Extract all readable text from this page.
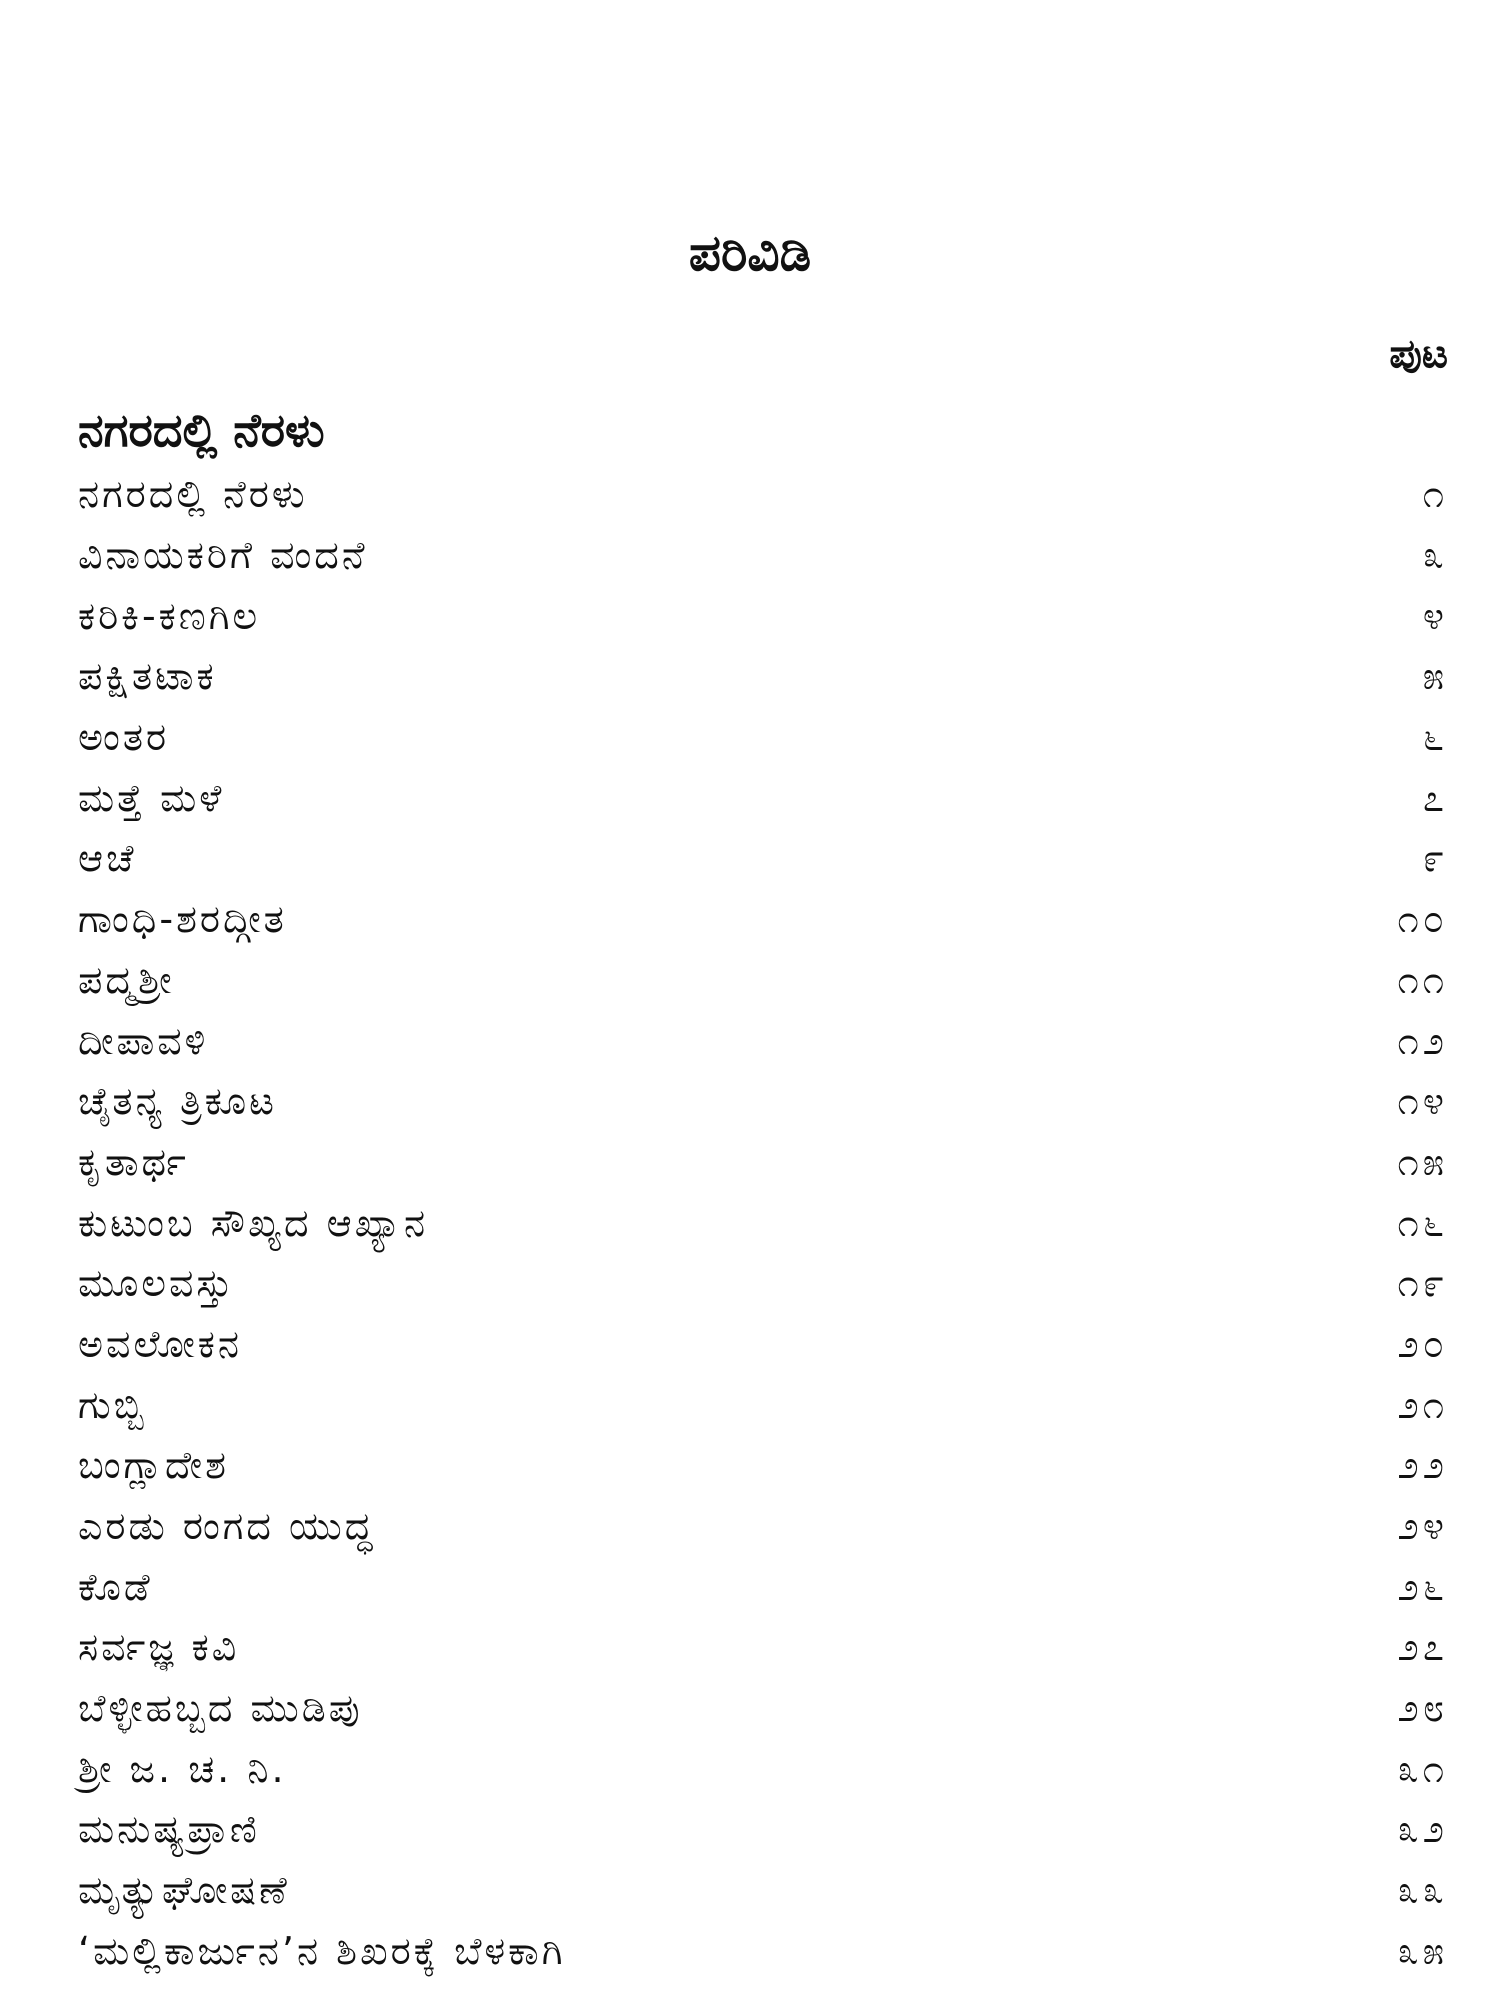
ಪರಿವಿಡಿ
ಪುಟ
ನಗರದಲ್ಲಿ ನೆರಳು
ನಗರದಲ್ಲಿ ನೆರಳು	೧
ವಿನಾಯಕರಿಗೆ ವಂದನೆ	೩
ಕರಿಕಿ-ಕಣಗಿಲ	೪
ಪಕ್ಷಿತಟಾಕ	೫
ಅಂತರ	೬
ಮತ್ತೆ ಮಳೆ	೭
ಆಚೆ	೯
ಗಾಂಧಿ-ಶರದ್ಗೀತ	೧೦
ಪದ್ಮಶ್ರೀ	೧೧
ದೀಪಾವಳಿ	೧೨
ಚೈತನ್ಯ ತ್ರಿಕೂಟ	೧೪
ಕೃತಾರ್ಥ	೧೫
ಕುಟುಂಬ ಸೌಖ್ಯದ ಆಖ್ಯಾನ	೧೬
ಮೂಲವಸ್ತು	೧೯
ಅವಲೋಕನ	೨೦
ಗುಬ್ಬಿ	೨೧
ಬಂಗ್ಲಾದೇಶ	೨೨
ಎರಡು ರಂಗದ ಯುದ್ಧ	೨೪
ಕೊಡೆ	೨೬
ಸರ್ವಜ್ಞ ಕವಿ	೨೭
ಬೆಳ್ಳೀಹಬ್ಬದ ಮುಡಿಪು	೨೮
ಶ್ರೀ ಜ. ಚ. ನಿ.	೩೧
ಮನುಷ್ಯಪ್ರಾಣಿ	೩೨
ಮೃತ್ಯುಘೋಷಣೆ	೩೩
‘ಮಲ್ಲಿಕಾರ್ಜುನ’ನ ಶಿಖರಕ್ಕೆ ಬೆಳಕಾಗಿ	೩೫
